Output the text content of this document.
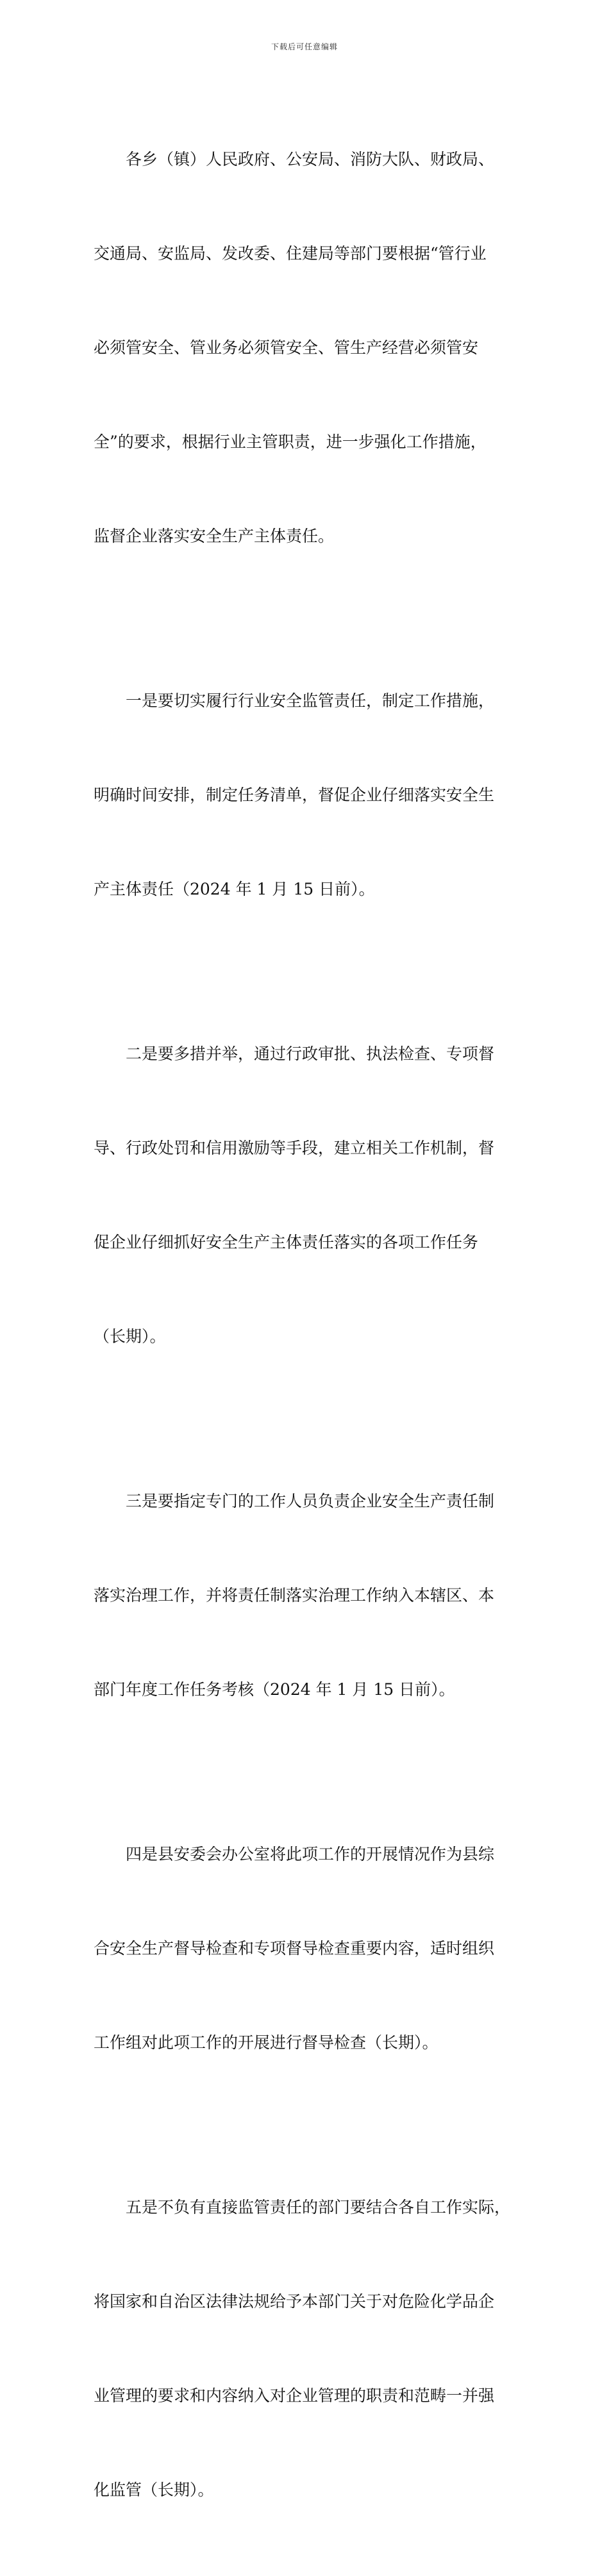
下载后可任意编辑

各乡（镇）人民政府、公安局、消防大队、财政局、

交通局、安监局、发改委、住建局等部门要根据“管行业

必须管安全、管业务必须管安全、管生产经营必须管安

全”的要求，根据行业主管职责，进一步强化工作措施，

监督企业落实安全生产主体责任。

一是要切实履行行业安全监管责任，制定工作措施，

明确时间安排，制定任务清单，督促企业仔细落实安全生

产主体责任（2024 年 1 月 15 日前）。

二是要多措并举，通过行政审批、执法检查、专项督

导、行政处罚和信用激励等手段，建立相关工作机制，督

促企业仔细抓好安全生产主体责任落实的各项工作任务

（长期）。

三是要指定专门的工作人员负责企业安全生产责任制

落实治理工作，并将责任制落实治理工作纳入本辖区、本

部门年度工作任务考核（2024 年 1 月 15 日前）。

四是县安委会办公室将此项工作的开展情况作为县综

合安全生产督导检查和专项督导检查重要内容，适时组织

工作组对此项工作的开展进行督导检查（长期）。

五是不负有直接监管责任的部门要结合各自工作实际，

将国家和自治区法律法规给予本部门关于对危险化学品企

业管理的要求和内容纳入对企业管理的职责和范畴一并强

化监管（长期）。
